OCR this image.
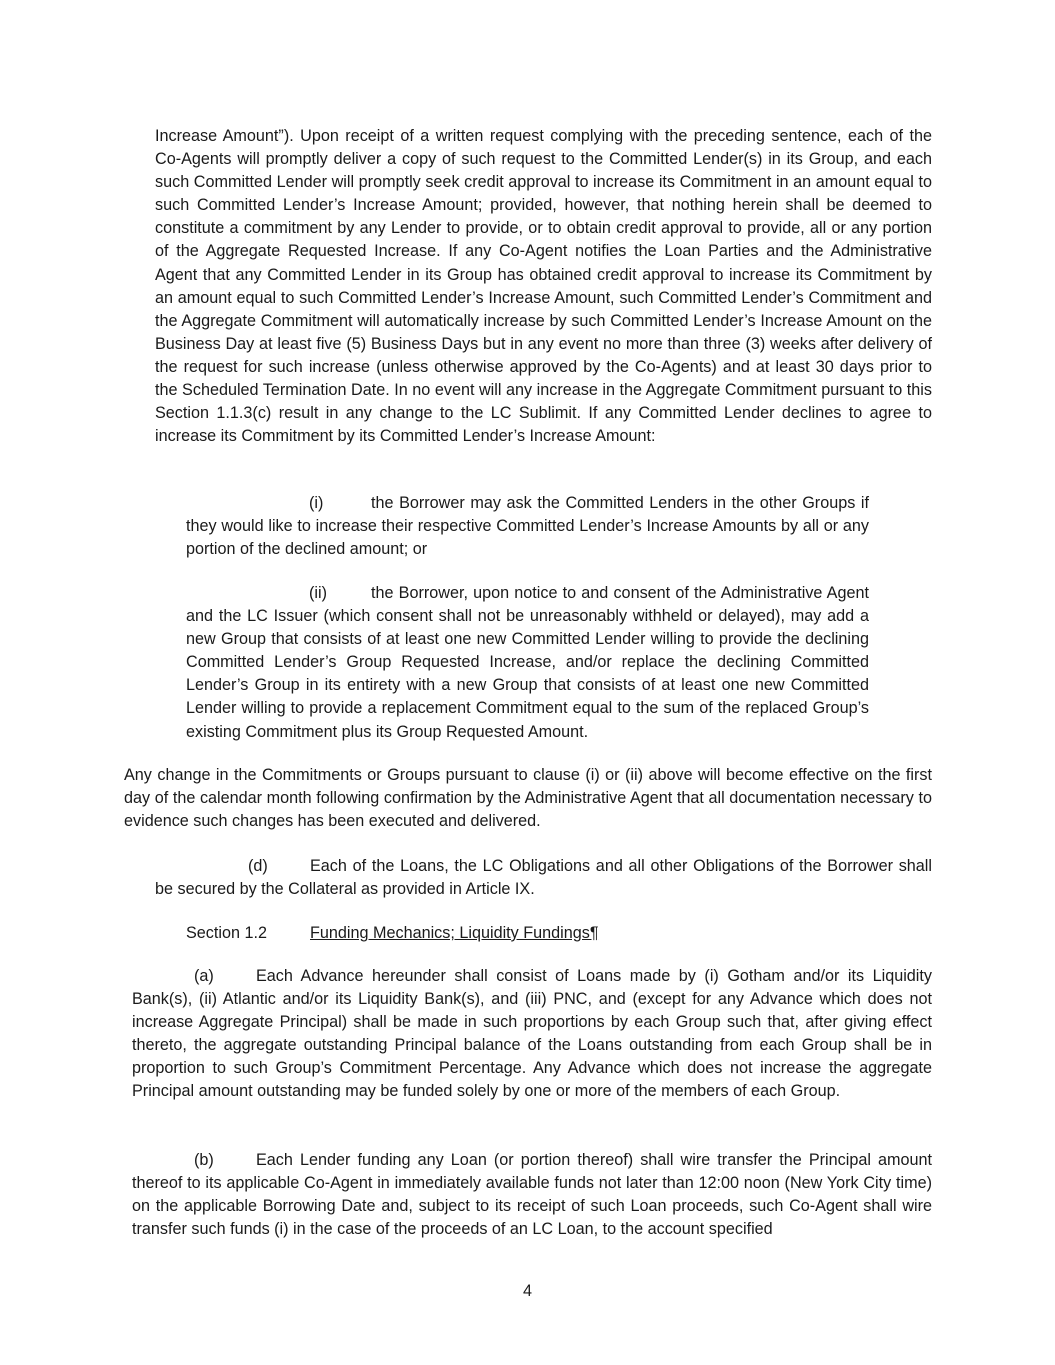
Increase Amount”). Upon receipt of a written request complying with the preceding sentence, each of the Co-Agents will promptly deliver a copy of such request to the Committed Lender(s) in its Group, and each such Committed Lender will promptly seek credit approval to increase its Commitment in an amount equal to such Committed Lender’s Increase Amount; provided, however, that nothing herein shall be deemed to constitute a commitment by any Lender to provide, or to obtain credit approval to provide, all or any portion of the Aggregate Requested Increase. If any Co-Agent notifies the Loan Parties and the Administrative Agent that any Committed Lender in its Group has obtained credit approval to increase its Commitment by an amount equal to such Committed Lender’s Increase Amount, such Committed Lender’s Commitment and the Aggregate Commitment will automatically increase by such Committed Lender’s Increase Amount on the Business Day at least five (5) Business Days but in any event no more than three (3) weeks after delivery of the request for such increase (unless otherwise approved by the Co-Agents) and at least 30 days prior to the Scheduled Termination Date. In no event will any increase in the Aggregate Commitment pursuant to this Section 1.1.3(c) result in any change to the LC Sublimit. If any Committed Lender declines to agree to increase its Commitment by its Committed Lender’s Increase Amount:

(i)	the Borrower may ask the Committed Lenders in the other Groups if they would like to increase their respective Committed Lender’s Increase Amounts by all or any portion of the declined amount; or

(ii)	the Borrower, upon notice to and consent of the Administrative Agent and the LC Issuer (which consent shall not be unreasonably withheld or delayed), may add a new Group that consists of at least one new Committed Lender willing to provide the declining Committed Lender’s Group Requested Increase, and/or replace the declining Committed Lender’s Group in its entirety with a new Group that consists of at least one new Committed Lender willing to provide a replacement Commitment equal to the sum of the replaced Group’s existing Commitment plus its Group Requested Amount.

Any change in the Commitments or Groups pursuant to clause (i) or (ii) above will become effective on the first day of the calendar month following confirmation by the Administrative Agent that all documentation necessary to evidence such changes has been executed and delivered.

(d)	Each of the Loans, the LC Obligations and all other Obligations of the Borrower shall be secured by the Collateral as provided in Article IX.

Section 1.2	Funding Mechanics; Liquidity Fundings¶

(a)	Each Advance hereunder shall consist of Loans made by (i) Gotham and/or its Liquidity Bank(s), (ii) Atlantic and/or its Liquidity Bank(s), and (iii) PNC, and (except for any Advance which does not increase Aggregate Principal) shall be made in such proportions by each Group such that, after giving effect thereto, the aggregate outstanding Principal balance of the Loans outstanding from each Group shall be in proportion to such Group’s Commitment Percentage. Any Advance which does not increase the aggregate Principal amount outstanding may be funded solely by one or more of the members of each Group.

(b)	Each Lender funding any Loan (or portion thereof) shall wire transfer the Principal amount thereof to its applicable Co-Agent in immediately available funds not later than 12:00 noon (New York City time) on the applicable Borrowing Date and, subject to its receipt of such Loan proceeds, such Co-Agent shall wire transfer such funds (i) in the case of the proceeds of an LC Loan, to the account specified

4
